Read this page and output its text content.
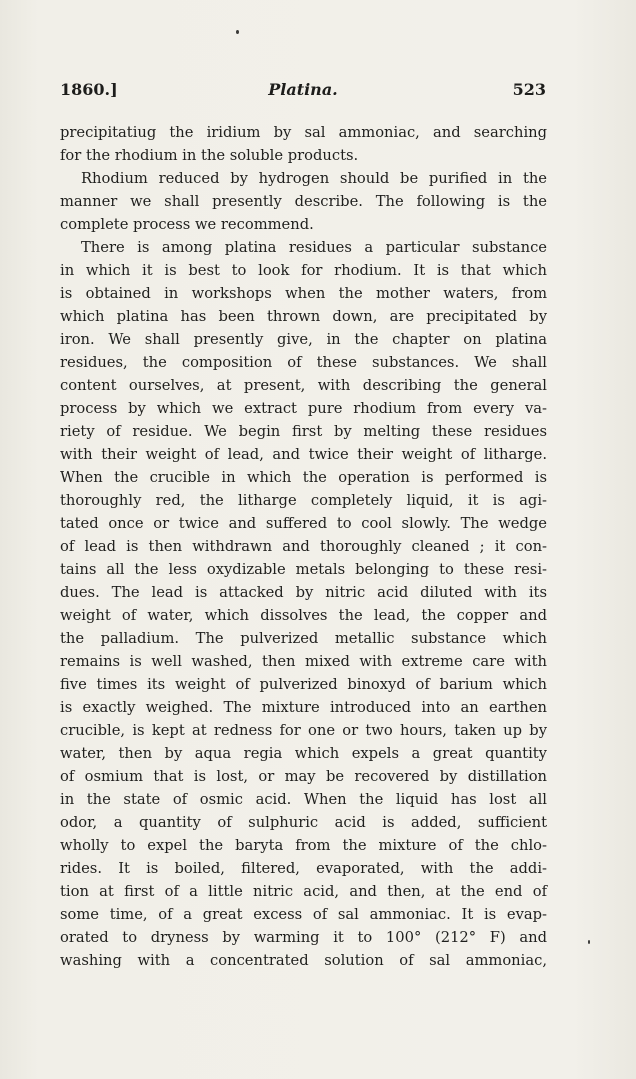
1860.]	Platina.	523
precipitatiug the iridium by sal ammoniac, and searching
for the rhodium in the soluble products.
Rhodium reduced by hydrogen should be purified in the
manner we shall presently describe. The following is the
complete process we recommend.
There is among platina residues a particular substance
in which it is best to look for rhodium. It is that which
is obtained in workshops when the mother waters, from
which platina has been thrown down, are precipitated by
iron. We shall presently give, in the chapter on platina
residues, the composition of these substances. We shall
content ourselves, at present, with describing the general
process by which we extract pure rhodium from every va-
riety of residue. We begin first by melting these residues
with their weight of lead, and twice their weight of litharge.
When the crucible in which the operation is performed is
thoroughly red, the litharge completely liquid, it is agi-
tated once or twice and suffered to cool slowly. The wedge
of lead is then withdrawn and thoroughly cleaned ; it con-
tains all the less oxydizable metals belonging to these resi-
dues. The lead is attacked by nitric acid diluted with its
weight of water, which dissolves the lead, the copper and
the palladium. The pulverized metallic substance which
remains is well washed, then mixed with extreme care with
five times its weight of pulverized binoxyd of barium which
is exactly weighed. The mixture introduced into an earthen
crucible, is kept at redness for one or two hours, taken up by
water, then by aqua regia which expels a great quantity
of osmium that is lost, or may be recovered by distillation
in the state of osmic acid. When the liquid has lost all
odor, a quantity of sulphuric acid is added, sufficient
wholly to expel the baryta from the mixture of the chlo-
rides. It is boiled, filtered, evaporated, with the addi-
tion at first of a little nitric acid, and then, at the end of
some time, of a great excess of sal ammoniac. It is evap-
orated to dryness by warming it to 100° (212° F) and
washing with a concentrated solution of sal ammoniac,
